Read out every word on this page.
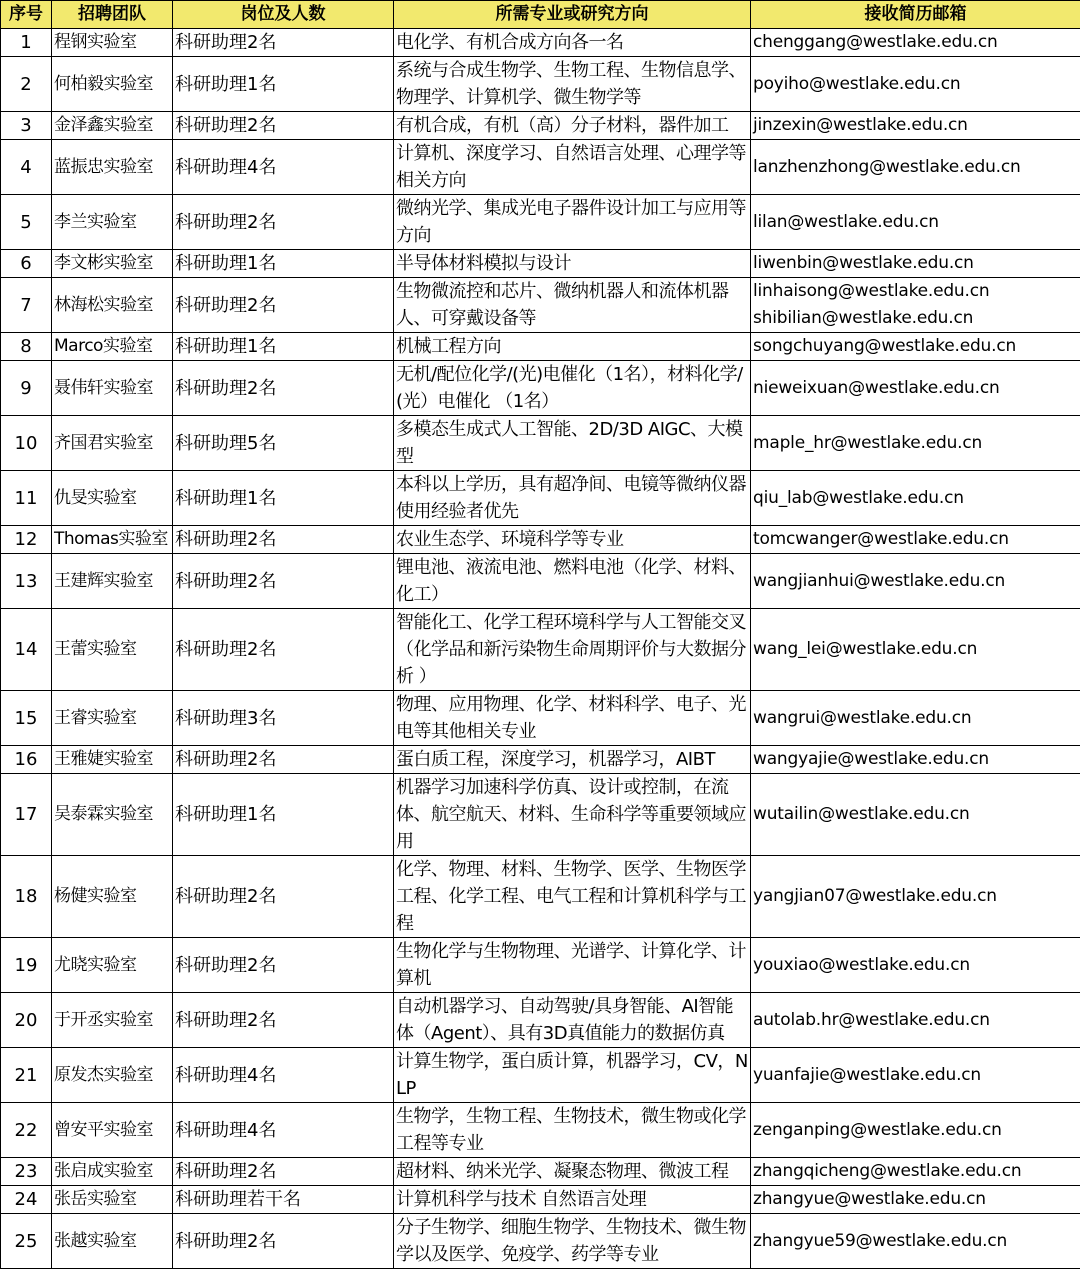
序号	招聘团队	岗位及人数	所需专业或研究方向	接收简历邮箱
1	程钢实验室	科研助理2名	电化学、有机合成方向各一名	chenggang@westlake.edu.cn

2	何柏毅实验室	科研助理1名	系统与合成生物学、生物工程、生物信息学、物理学、计算机学、微生物学等	poyiho@westlake.edu.cn

3	金泽鑫实验室	科研助理2名	有机合成，有机（高）分子材料，器件加工	jinzexin@westlake.edu.cn

4	蓝振忠实验室	科研助理4名	计算机、深度学习、自然语言处理、心理学等相关方向	lanzhenzhong@westlake.edu.cn

5	李兰实验室	科研助理2名	微纳光学、集成光电子器件设计加工与应用等方向	lilan@westlake.edu.cn

6	李文彬实验室	科研助理1名	半导体材料模拟与设计	liwenbin@westlake.edu.cn

7	林海松实验室	科研助理2名	生物微流控和芯片、微纳机器人和流体机器人、可穿戴设备等	linhaisong@westlake.edu.cn
shibilian@westlake.edu.cn

8	Marco实验室	科研助理1名	机械工程方向	songchuyang@westlake.edu.cn

9	聂伟轩实验室	科研助理2名	无机/配位化学/(光)电催化（1名），材料化学/(光）电催化 （1名）	nieweixuan@westlake.edu.cn

10	齐国君实验室	科研助理5名	多模态生成式人工智能、2D/3D AIGC、大模型	maple_hr@westlake.edu.cn

11	仇旻实验室	科研助理1名	本科以上学历，具有超净间、电镜等微纳仪器使用经验者优先	qiu_lab@westlake.edu.cn

12	Thomas实验室	科研助理2名	农业生态学、环境科学等专业	tomcwanger@westlake.edu.cn

13	王建辉实验室	科研助理2名	锂电池、液流电池、燃料电池（化学、材料、化工）	wangjianhui@westlake.edu.cn

14	王蕾实验室	科研助理2名	智能化工、化学工程环境科学与人工智能交叉（化学品和新污染物生命周期评价与大数据分析 ）	wang_lei@westlake.edu.cn

15	王睿实验室	科研助理3名	物理、应用物理、化学、材料科学、电子、光电等其他相关专业	wangrui@westlake.edu.cn

16	王雅婕实验室	科研助理2名	蛋白质工程，深度学习，机器学习，AIBT	wangyajie@westlake.edu.cn

17	吴泰霖实验室	科研助理1名	机器学习加速科学仿真、设计或控制，在流体、航空航天、材料、生命科学等重要领域应用	wutailin@westlake.edu.cn

18	杨健实验室	科研助理2名	化学、物理、材料、生物学、医学、生物医学工程、化学工程、电气工程和计算机科学与工程	yangjian07@westlake.edu.cn

19	尤晓实验室	科研助理2名	生物化学与生物物理、光谱学、计算化学、计算机	youxiao@westlake.edu.cn

20	于开丞实验室	科研助理2名	自动机器学习、自动驾驶/具身智能、AI智能体（Agent）、具有3D真值能力的数据仿真	autolab.hr@westlake.edu.cn

21	原发杰实验室	科研助理4名	计算生物学，蛋白质计算，机器学习，CV，NLP	yuanfajie@westlake.edu.cn

22	曾安平实验室	科研助理4名	生物学，生物工程、生物技术，微生物或化学工程等专业	zenganping@westlake.edu.cn

23	张启成实验室	科研助理2名	超材料、纳米光学、凝聚态物理、微波工程	zhangqicheng@westlake.edu.cn

24	张岳实验室	科研助理若干名	计算机科学与技术 自然语言处理	zhangyue@westlake.edu.cn

25	张越实验室	科研助理2名	分子生物学、细胞生物学、生物技术、微生物学以及医学、免疫学、药学等专业	zhangyue59@westlake.edu.cn
